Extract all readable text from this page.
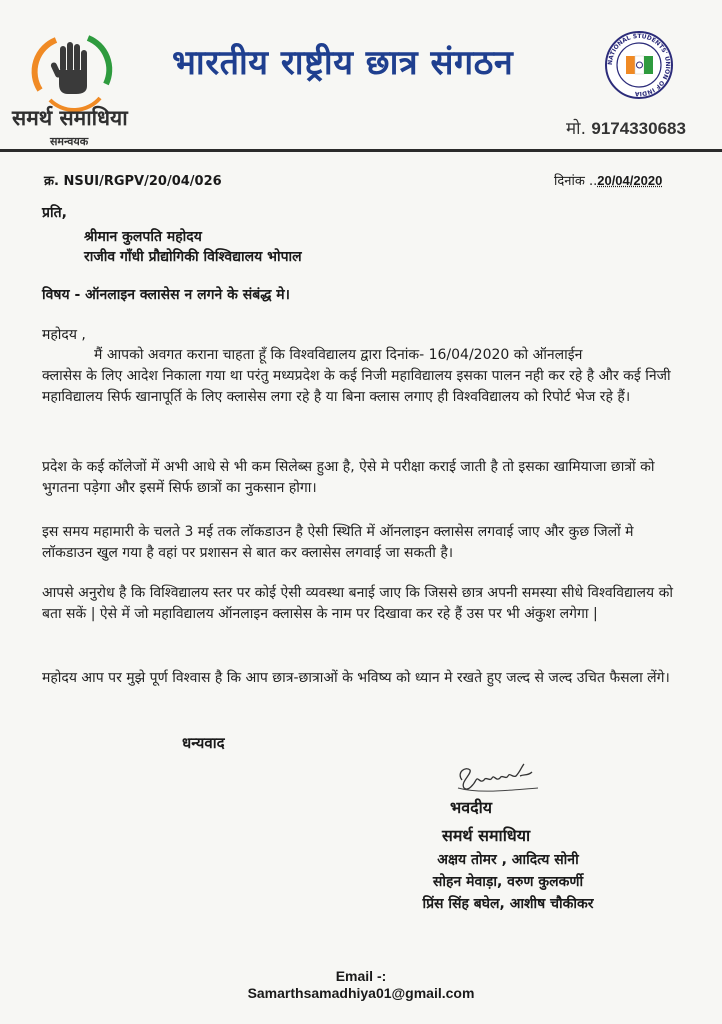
समर्थ समाधिया
समन्वयक
भारतीय राष्ट्रीय छात्र संगठन	NATIONAL STUDENTS' UNION OF INDIA
मो. 9174330683
क्र. NSUI/RGPV/20/04/026	दिनांक ..20/04/2020
प्रति,
श्रीमान कुलपति महोदय
राजीव गाँधी प्रौद्योगिकी विश्विद्यालय भोपाल
विषय - ऑनलाइन क्लासेस न लगने के संबंद्ध मे।
महोदय ,
मैं आपको अवगत कराना चाहता हूँ कि विश्वविद्यालय द्वारा दिनांक- 16/04/2020 को ऑनलाईन
क्लासेस के लिए आदेश निकाला गया था परंतु मध्यप्रदेश के कई निजी महाविद्यालय इसका पालन नही कर रहे है और कई निजी महाविद्यालय सिर्फ खानापूर्ति के लिए क्लासेस लगा रहे है या बिना क्लास लगाए ही विश्वविद्यालय को रिपोर्ट भेज रहे हैं।
प्रदेश के कई कॉलेजों में अभी आधे से भी कम सिलेब्स हुआ है, ऐसे मे परीक्षा कराई जाती है तो इसका खामियाजा छात्रों को भुगतना पड़ेगा और इसमें सिर्फ छात्रों का नुकसान होगा।
इस समय महामारी के चलते 3 मई तक लॉकडाउन है ऐसी स्थिति में ऑनलाइन क्लासेस लगवाई जाए और कुछ जिलों मे लॉकडाउन खुल गया है वहां पर प्रशासन से बात कर क्लासेस लगवाई जा सकती है।
आपसे अनुरोध है कि विश्विद्यालय स्तर पर कोई ऐसी व्यवस्था बनाई जाए कि जिससे छात्र अपनी समस्या सीधे विश्वविद्यालय को बता सकें | ऐसे में जो महाविद्यालय ऑनलाइन क्लासेस के नाम पर दिखावा कर रहे हैं उस पर भी अंकुश लगेगा |
महोदय आप पर मुझे पूर्ण विश्वास है कि आप छात्र-छात्राओं के भविष्य को ध्यान मे रखते हुए जल्द से जल्द उचित फैसला लेंगे।
धन्यवाद
भवदीय
समर्थ समाधिया
अक्षय तोमर , आदित्य सोनी
सोहन मेवाड़ा, वरुण कुलकर्णी
प्रिंस सिंह बघेल, आशीष चौकीकर
Email -:
Samarthsamadhiya01@gmail.com
